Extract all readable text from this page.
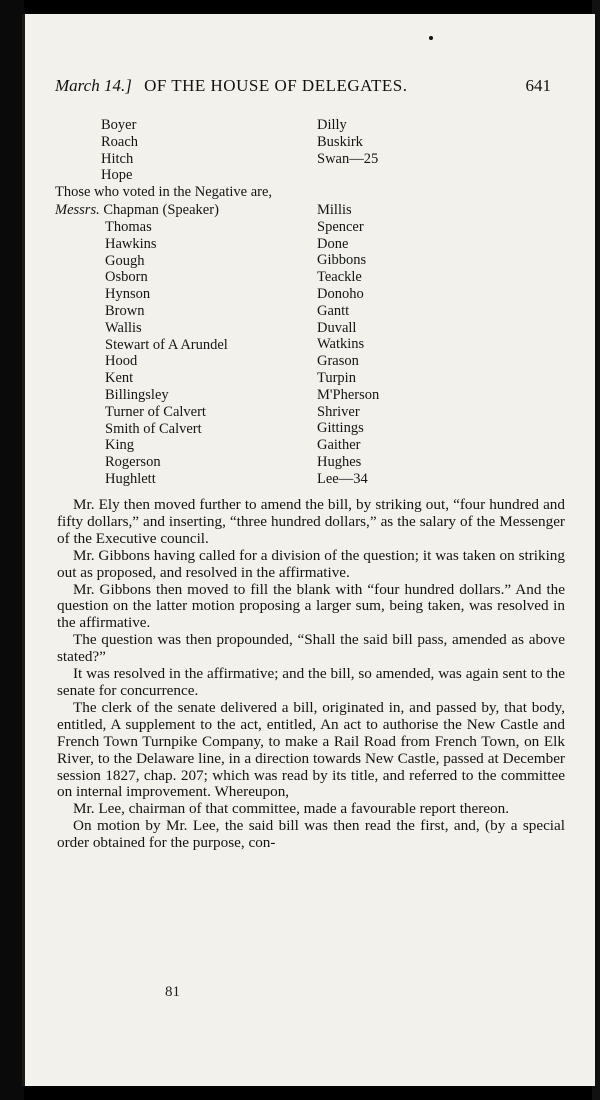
March 14.] OF THE HOUSE OF DELEGATES.	641
Boyer
Roach
Hitch
Hope
Dilly
Buskirk
Swan—25
Those who voted in the Negative are,
Messrs. Chapman (Speaker)
Thomas
Hawkins
Gough
Osborn
Hynson
Brown
Wallis
Stewart of A Arundel
Hood
Kent
Billingsley
Turner of Calvert
Smith of Calvert
King
Rogerson
Hughlett
Millis
Spencer
Done
Gibbons
Teackle
Donoho
Gantt
Duvall
Watkins
Grason
Turpin
M'Pherson
Shriver
Gittings
Gaither
Hughes
Lee—34

Mr. Ely then moved further to amend the bill, by striking out, “four hundred and fifty dollars,” and inserting, “three hundred dollars,” as the salary of the Messenger of the Executive council.

Mr. Gibbons having called for a division of the question; it was taken on striking out as proposed, and resolved in the affirmative.

Mr. Gibbons then moved to fill the blank with “four hundred dollars.” And the question on the latter motion proposing a larger sum, being taken, was resolved in the affirmative.

The question was then propounded, “Shall the said bill pass, amended as above stated?”

It was resolved in the affirmative; and the bill, so amended, was again sent to the senate for concurrence.

The clerk of the senate delivered a bill, originated in, and passed by, that body, entitled, A supplement to the act, entitled, An act to authorise the New Castle and French Town Turnpike Company, to make a Rail Road from French Town, on Elk River, to the Delaware line, in a direction towards New Castle, passed at December session 1827, chap. 207; which was read by its title, and referred to the committee on internal improvement. Whereupon,

Mr. Lee, chairman of that committee, made a favourable report thereon.

On motion by Mr. Lee, the said bill was then read the first, and, (by a special order obtained for the purpose, con-

81
